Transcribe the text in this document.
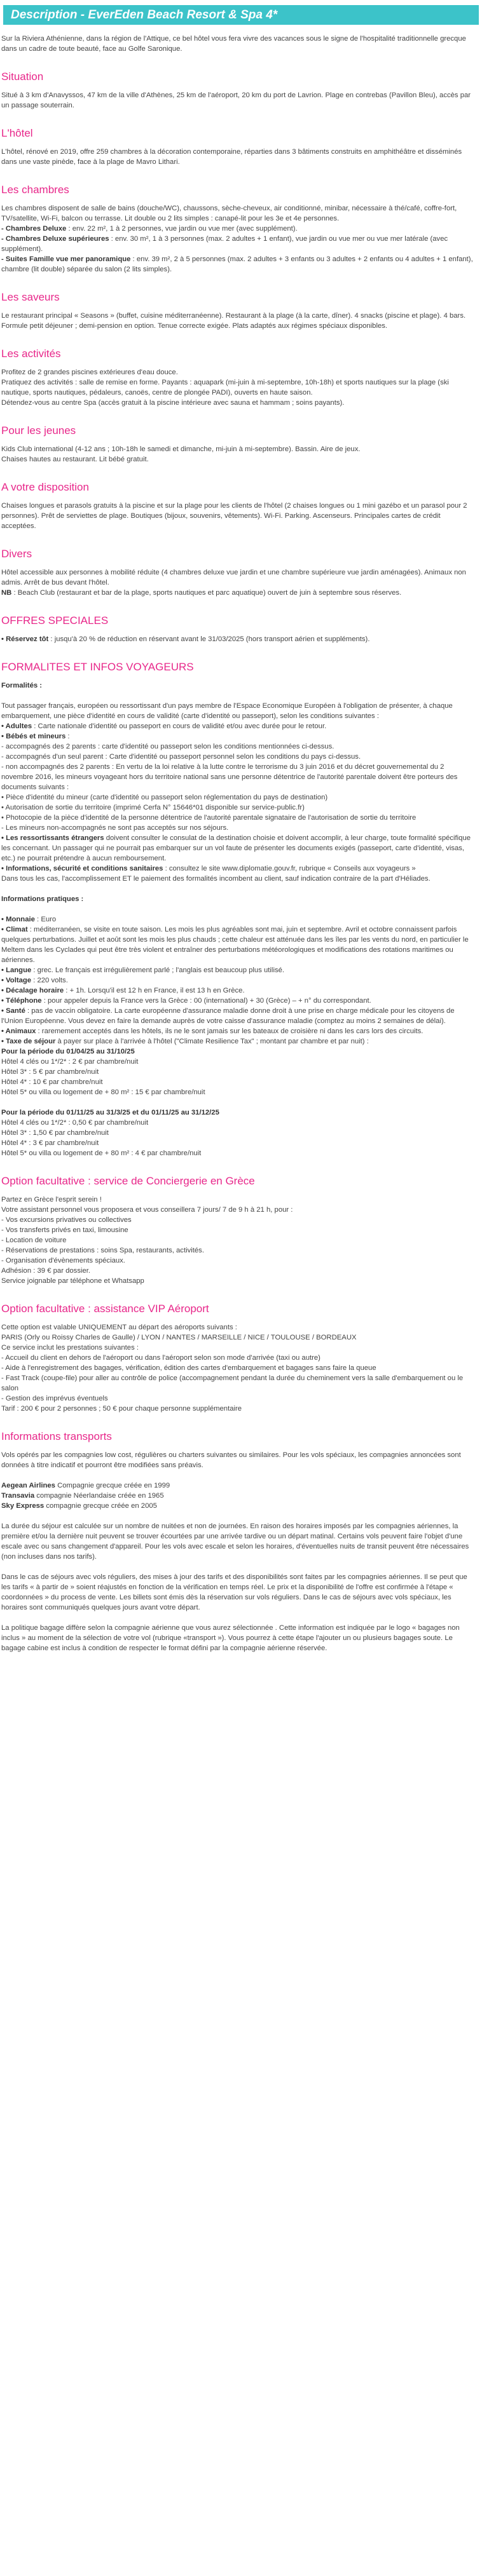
Description - EverEden Beach Resort & Spa 4*

Sur la Riviera Athénienne, dans la région de l'Attique, ce bel hôtel vous fera vivre des vacances sous le signe de l'hospitalité traditionnelle grecque dans un cadre de toute beauté, face au Golfe Saronique.

Situation

Situé à 3 km d'Anavyssos, 47 km de la ville d'Athènes, 25 km de l'aéroport, 20 km du port de Lavrion. Plage en contrebas (Pavillon Bleu), accès par un passage souterrain.

L'hôtel

L'hôtel, rénové en 2019, offre 259 chambres à la décoration contemporaine, réparties dans 3 bâtiments construits en amphithéâtre et disséminés dans une vaste pinède, face à la plage de Mavro Lithari.

Les chambres
Les chambres disposent de salle de bains (douche/WC), chaussons, sèche-cheveux, air conditionné, minibar, nécessaire à thé/café, coffre-fort, TV/satellite, Wi-Fi, balcon ou terrasse. Lit double ou 2 lits simples : canapé-lit pour les 3e et 4e personnes.
- Chambres Deluxe : env. 22 m², 1 à 2 personnes, vue jardin ou vue mer (avec supplément).
- Chambres Deluxe supérieures : env. 30 m², 1 à 3 personnes (max. 2 adultes + 1 enfant), vue jardin ou vue mer ou vue mer latérale (avec supplément).
- Suites Famille vue mer panoramique : env. 39 m², 2 à 5 personnes (max. 2 adultes + 3 enfants ou 3 adultes + 2 enfants ou 4 adultes + 1 enfant), chambre (lit double) séparée du salon (2 lits simples).
Les saveurs

Le restaurant principal « Seasons » (buffet, cuisine méditerranéenne). Restaurant à la plage (à la carte, dîner). 4 snacks (piscine et plage). 4 bars. Formule petit déjeuner ; demi-pension en option. Tenue correcte exigée. Plats adaptés aux régimes spéciaux disponibles.

Les activités
Profitez de 2 grandes piscines extérieures d'eau douce.
Pratiquez des activités : salle de remise en forme. Payants : aquapark (mi-juin à mi-septembre, 10h-18h) et sports nautiques sur la plage (ski nautique, sports nautiques, pédaleurs, canoës, centre de plongée PADI), ouverts en haute saison.
Détendez-vous au centre Spa (accès gratuit à la piscine intérieure avec sauna et hammam ; soins payants).
Pour les jeunes
Kids Club international (4-12 ans ; 10h-18h le samedi et dimanche, mi-juin à mi-septembre). Bassin. Aire de jeux.
Chaises hautes au restaurant. Lit bébé gratuit.
A votre disposition

Chaises longues et parasols gratuits à la piscine et sur la plage pour les clients de l'hôtel (2 chaises longues ou 1 mini gazébo et un parasol pour 2 personnes). Prêt de serviettes de plage. Boutiques (bijoux, souvenirs, vêtements). Wi-Fi. Parking. Ascenseurs. Principales cartes de crédit acceptées.

Divers
Hôtel accessible aux personnes à mobilité réduite (4 chambres deluxe vue jardin et une chambre supérieure vue jardin aménagées). Animaux non admis. Arrêt de bus devant l'hôtel.
NB : Beach Club (restaurant et bar de la plage, sports nautiques et parc aquatique) ouvert de juin à septembre sous réserves.
OFFRES SPECIALES

• Réservez tôt : jusqu'à 20 % de réduction en réservant avant le 31/03/2025 (hors transport aérien et suppléments).

FORMALITES ET INFOS VOYAGEURS
Formalités :
Tout passager français, européen ou ressortissant d'un pays membre de l'Espace Economique Européen à l'obligation de présenter, à chaque embarquement, une pièce d'identité en cours de validité (carte d'identité ou passeport), selon les conditions suivantes :
• Adultes : Carte nationale d'identité ou passeport en cours de validité et/ou avec durée pour le retour.
• Bébés et mineurs :
- accompagnés des 2 parents : carte d'identité ou passeport selon les conditions mentionnées ci-dessus.
- accompagnés d'un seul parent : Carte d'identité ou passeport personnel selon les conditions du pays ci-dessus.
- non accompagnés des 2 parents : En vertu de la loi relative à la lutte contre le terrorisme du 3 juin 2016 et du décret gouvernemental du 2 novembre 2016, les mineurs voyageant hors du territoire national sans une personne détentrice de l'autorité parentale doivent être porteurs des documents suivants :
• Pièce d'identité du mineur (carte d'identité ou passeport selon réglementation du pays de destination)
• Autorisation de sortie du territoire (imprimé Cerfa N° 15646*01 disponible sur service-public.fr)
• Photocopie de la pièce d'identité de la personne détentrice de l'autorité parentale signataire de l'autorisation de sortie du territoire
- Les mineurs non-accompagnés ne sont pas acceptés sur nos séjours.
• Les ressortissants étrangers doivent consulter le consulat de la destination choisie et doivent accomplir, à leur charge, toute formalité spécifique les concernant. Un passager qui ne pourrait pas embarquer sur un vol faute de présenter les documents exigés (passeport, carte d'identité, visas, etc.) ne pourrait prétendre à aucun remboursement.
• Informations, sécurité et conditions sanitaires : consultez le site www.diplomatie.gouv.fr, rubrique « Conseils aux voyageurs »
Dans tous les cas, l'accomplissement ET le paiement des formalités incombent au client, sauf indication contraire de la part d'Héliades.
Informations pratiques :
• Monnaie : Euro
• Climat : méditerranéen, se visite en toute saison. Les mois les plus agréables sont mai, juin et septembre. Avril et octobre connaissent parfois quelques perturbations. Juillet et août sont les mois les plus chauds ; cette chaleur est atténuée dans les îles par les vents du nord, en particulier le Meltem dans les Cyclades qui peut être très violent et entraîner des perturbations météorologiques et modifications des rotations maritimes ou aériennes.
• Langue : grec. Le français est irrégulièrement parlé ; l'anglais est beaucoup plus utilisé.
• Voltage : 220 volts.
• Décalage horaire : + 1h. Lorsqu'il est 12 h en France, il est 13 h en Grèce.
• Téléphone : pour appeler depuis la France vers la Grèce : 00 (international) + 30 (Grèce) – + n° du correspondant.
• Santé : pas de vaccin obligatoire. La carte européenne d'assurance maladie donne droit à une prise en charge médicale pour les citoyens de l'Union Européenne. Vous devez en faire la demande auprès de votre caisse d'assurance maladie (comptez au moins 2 semaines de délai).
• Animaux : raremement acceptés dans les hôtels, ils ne le sont jamais sur les bateaux de croisière ni dans les cars lors des circuits.
• Taxe de séjour à payer sur place à l'arrivée à l'hôtel ("Climate Resilience Tax" ; montant par chambre et par nuit) :
Pour la période du 01/04/25 au 31/10/25
Hôtel 4 clés ou 1*/2* : 2 € par chambre/nuit
Hôtel 3* : 5 € par chambre/nuit
Hôtel 4* : 10 € par chambre/nuit
Hôtel 5* ou villa ou logement de + 80 m² : 15 € par chambre/nuit
Pour la période du 01/11/25 au 31/3/25 et du 01/11/25 au 31/12/25
Hôtel 4 clés ou 1*/2* : 0,50 € par chambre/nuit
Hôtel 3* : 1,50 € par chambre/nuit
Hôtel 4* : 3 € par chambre/nuit
Hôtel 5* ou villa ou logement de + 80 m² : 4 € par chambre/nuit
Option facultative : service de Conciergerie en Grèce
Partez en Grèce l'esprit serein !
Votre assistant personnel vous proposera et vous conseillera 7 jours/ 7 de 9 h à 21 h, pour :
- Vos excursions privatives ou collectives
- Vos transferts privés en taxi, limousine
- Location de voiture
- Réservations de prestations : soins Spa, restaurants, activités.
- Organisation d'évènements spéciaux.
Adhésion : 39 € par dossier.
Service joignable par téléphone et Whatsapp
Option facultative : assistance VIP Aéroport
Cette option est valable UNIQUEMENT au départ des aéroports suivants :
PARIS (Orly ou Roissy Charles de Gaulle) / LYON / NANTES / MARSEILLE / NICE / TOULOUSE / BORDEAUX
Ce service inclut les prestations suivantes :
- Accueil du client en dehors de l'aéroport ou dans l'aéroport selon son mode d'arrivée (taxi ou autre)
- Aide à l'enregistrement des bagages, vérification, édition des cartes d'embarquement et bagages sans faire la queue
- Fast Track (coupe-file) pour aller au contrôle de police (accompagnement pendant la durée du cheminement vers la salle d'embarquement ou le salon
- Gestion des imprévus éventuels
Tarif : 200 € pour 2 personnes ; 50 € pour chaque personne supplémentaire
Informations transports
Vols opérés par les compagnies low cost, régulières ou charters suivantes ou similaires. Pour les vols spéciaux, les compagnies annoncées sont données à titre indicatif et pourront être modifiées sans préavis.
Aegean Airlines Compagnie grecque créée en 1999
Transavia compagnie Néerlandaise créée en 1965
Sky Express compagnie grecque créée en 2005
La durée du séjour est calculée sur un nombre de nuitées et non de journées. En raison des horaires imposés par les compagnies aériennes, la première et/ou la dernière nuit peuvent se trouver écourtées par une arrivée tardive ou un départ matinal. Certains vols peuvent faire l'objet d'une escale avec ou sans changement d'appareil. Pour les vols avec escale et selon les horaires, d'éventuelles nuits de transit peuvent être nécessaires (non incluses dans nos tarifs).
Dans le cas de séjours avec vols réguliers, des mises à jour des tarifs et des disponibilités sont faites par les compagnies aériennes. Il se peut que les tarifs « à partir de » soient réajustés en fonction de la vérification en temps réel. Le prix et la disponibilité de l'offre est confirmée à l'étape « coordonnées » du process de vente. Les billets sont émis dès la réservation sur vols réguliers. Dans le cas de séjours avec vols spéciaux, les horaires sont communiqués quelques jours avant votre départ.
La politique bagage diffère selon la compagnie aérienne que vous aurez sélectionnée . Cette information est indiquée par le logo « bagages non inclus » au moment de la sélection de votre vol (rubrique «transport »). Vous pourrez à cette étape l'ajouter un ou plusieurs bagages soute. Le bagage cabine est inclus à condition de respecter le format défini par la compagnie aérienne réservée.
